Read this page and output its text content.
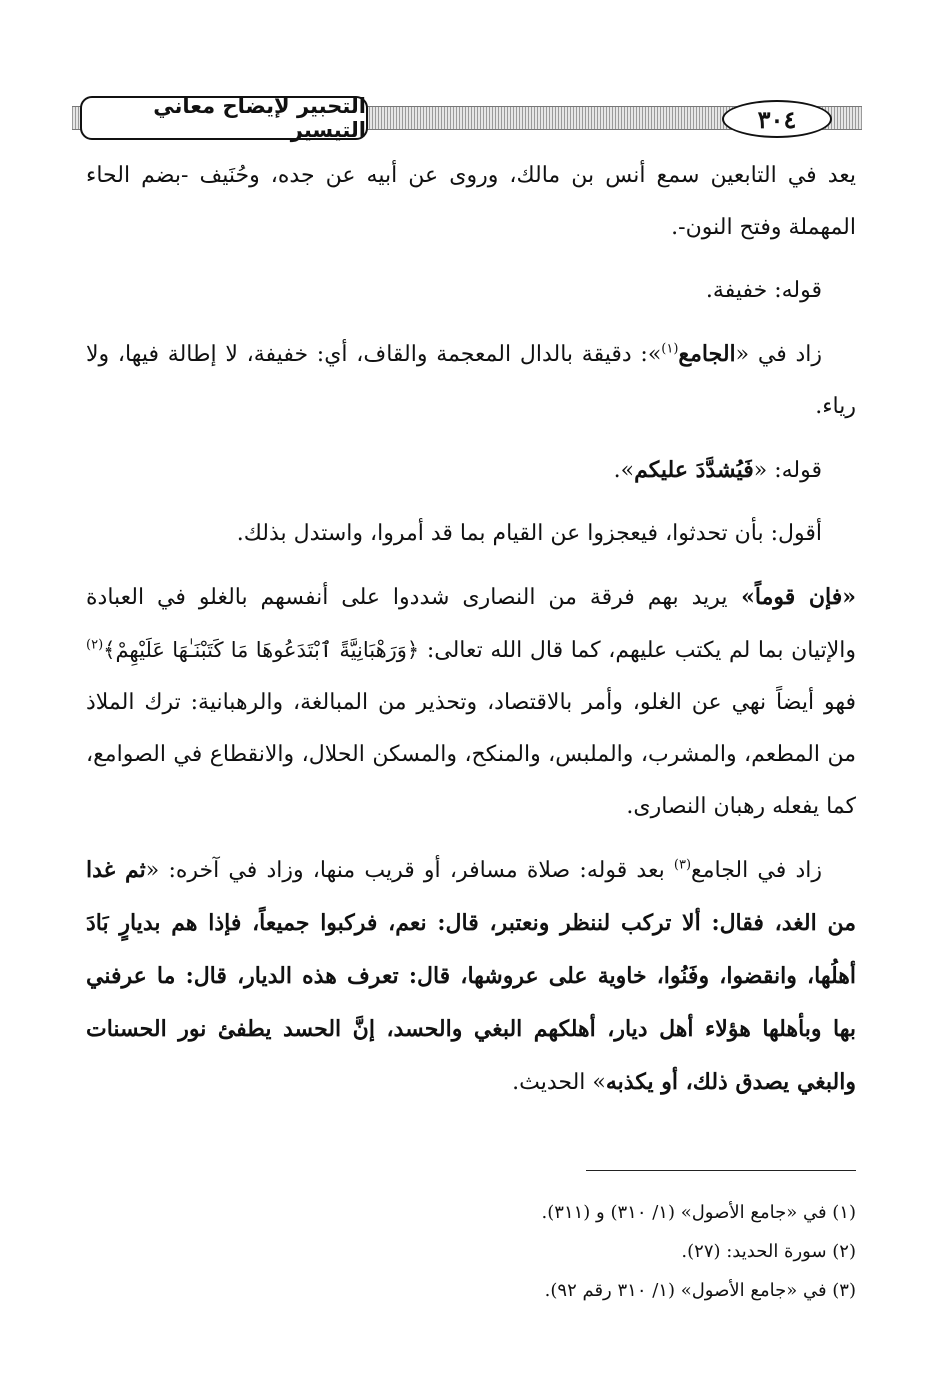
التحبير لإيضاح معاني التيسير	٣٠٤

يعد في التابعين سمع أنس بن مالك، وروى عن أبيه عن جده، وحُنَيف -بضم الحاء المهملة وفتح النون-.

قوله: خفيفة.

زاد في «الجامع$^{(١)}$»: دقيقة بالدال المعجمة والقاف، أي: خفيفة، لا إطالة فيها، ولا رياء.

قوله: «فَيُشدَّدَ عليكم».

أقول: بأن تحدثوا، فيعجزوا عن القيام بما قد أمروا، واستدل بذلك.

«فإن قوماً» يريد بهم فرقة من النصارى شددوا على أنفسهم بالغلو في العبادة والإتيان بما لم يكتب عليهم، كما قال الله تعالى: ﴿وَرَهْبَانِيَّةً ٱبْتَدَعُوهَا مَا كَتَبْنَـٰهَا عَلَيْهِمْ﴾$^{(٢)}$ فهو أيضاً نهي عن الغلو، وأمر بالاقتصاد، وتحذير من المبالغة، والرهبانية: ترك الملاذ من المطعم، والمشرب، والملبس، والمنكح، والمسكن الحلال، والانقطاع في الصوامع، كما يفعله رهبان النصارى.

زاد في الجامع$^{(٣)}$ بعد قوله: صلاة مسافر، أو قريب منها، وزاد في آخره: «ثم غدا من الغد، فقال: ألا تركب لننظر ونعتبر، قال: نعم، فركبوا جميعاً، فإذا هم بديارٍ بَادَ أهلُها، وانقضوا، وفَنُوا، خاوية على عروشها، قال: تعرف هذه الديار، قال: ما عرفني بها وبأهلها هؤلاء أهل ديار، أهلكهم البغي والحسد، إنَّ الحسد يطفئ نور الحسنات والبغي يصدق ذلك، أو يكذبه» الحديث.

(١) في «جامع الأصول» (١/ ٣١٠) و (٣١١).

(٢) سورة الحديد: (٢٧).

(٣) في «جامع الأصول» (١/ ٣١٠ رقم ٩٢).
